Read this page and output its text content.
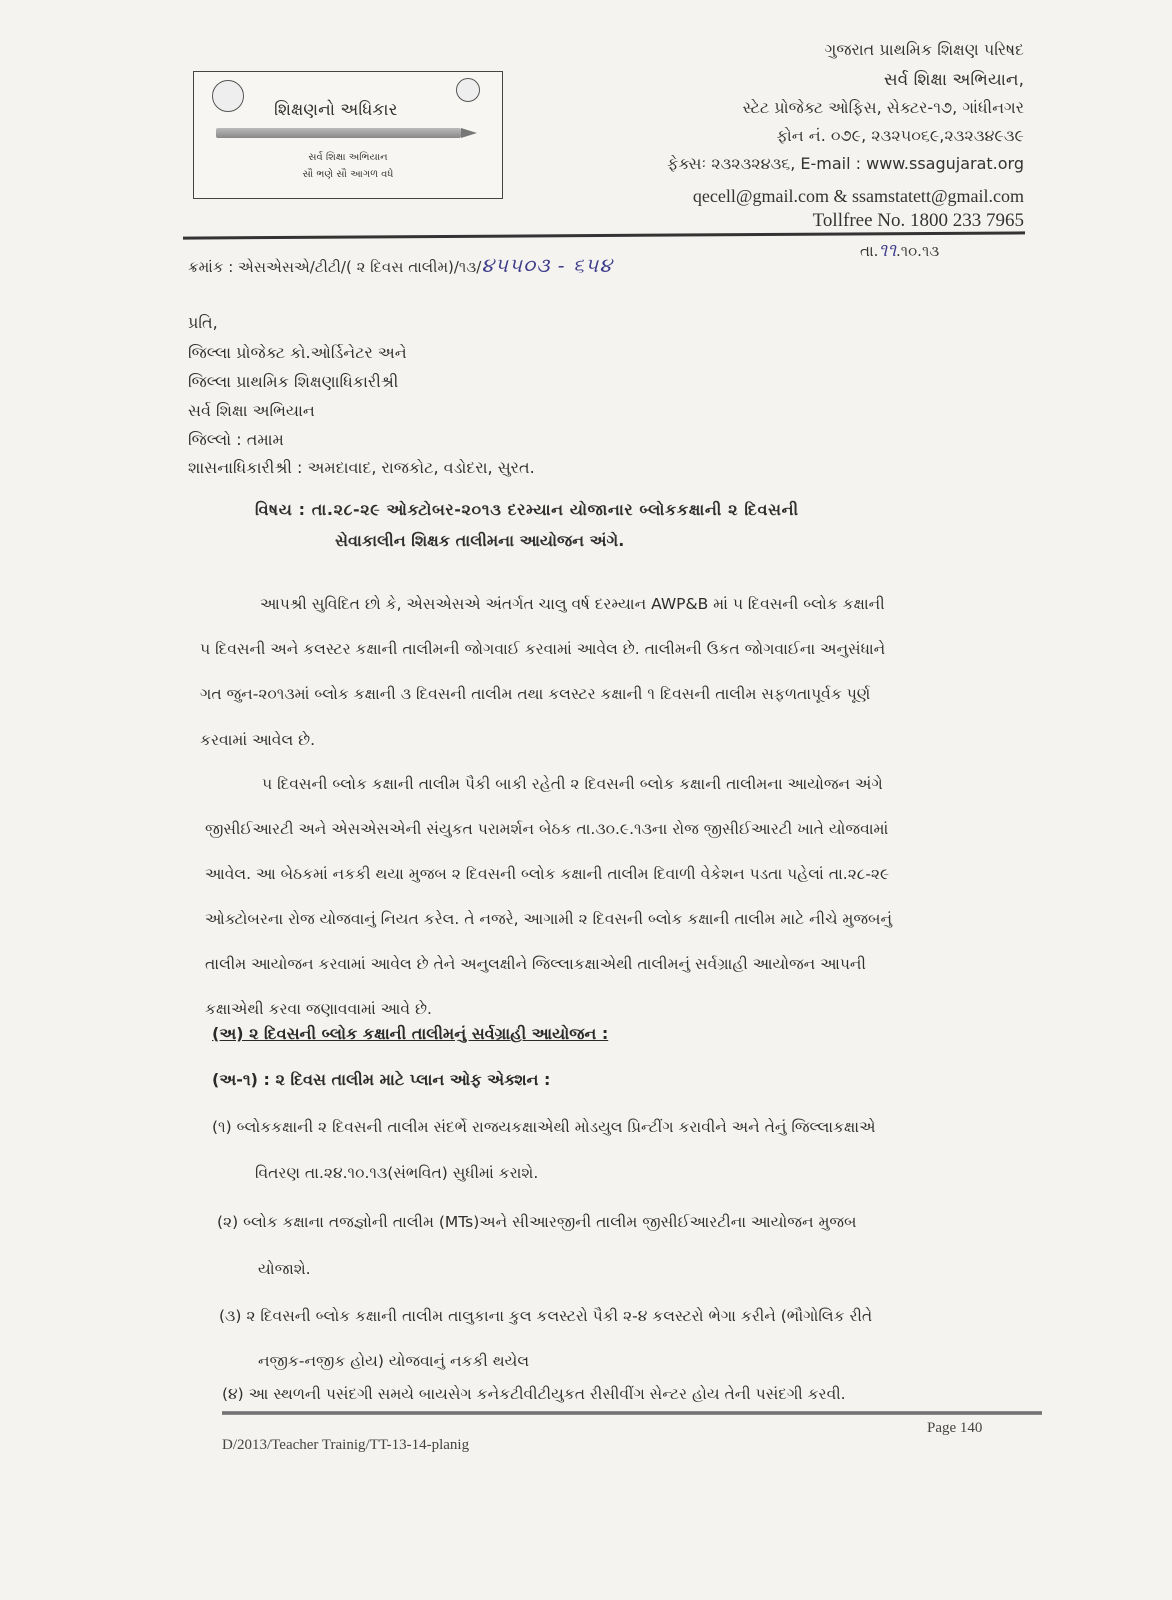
શિક્ષણનો અધિકાર
સર્વ શિક્ષા અભિયાન
સૌ ભણે સૌ આગળ વધે
ગુજરાત પ્રાથમિક શિક્ષણ પરિષદ
સર્વ શિક્ષા અભિયાન,
સ્ટેટ પ્રોજેક્ટ ઓફિસ, સેક્ટર-૧૭, ગાંધીનગર
ફોન નં. ૦૭૯, ૨૩૨૫૦૬૯,૨૩૨૩૪૯૩૯
ફેક્સઃ ૨૩૨૩૨૪૩૬, E-mail : www.ssagujarat.org
qecell@gmail.com & ssamstatett@gmail.com
Tollfree No. 1800 233 7965
ક્રમાંક : એસએસએ/ટીટી/( ૨ દિવસ તાલીમ)/૧૩/૪૫૫૦૩ - ૬૫૪
તા.૧૧.૧૦.૧૩
પ્રતિ,
જિલ્લા પ્રોજેક્ટ કો.ઓર્ડિનેટર અને
જિલ્લા પ્રાથમિક શિક્ષણાધિકારીશ્રી
સર્વ શિક્ષા અભિયાન
જિલ્લો : તમામ
શાસનાધિકારીશ્રી : અમદાવાદ, રાજકોટ, વડોદરા, સુરત.
વિષય : તા.૨૮-૨૯ ઓક્ટોબર-૨૦૧૩ દરમ્યાન યોજાનાર બ્લોકકક્ષાની ૨ દિવસની
સેવાકાલીન શિક્ષક તાલીમના આયોજન અંગે.
આપશ્રી સુવિદિત છો કે, એસએસએ અંતર્ગત ચાલુ વર્ષ દરમ્યાન AWP&B માં ૫ દિવસની બ્લોક કક્ષાની
૫ દિવસની અને કલસ્ટર કક્ષાની તાલીમની જોગવાઈ કરવામાં આવેલ છે. તાલીમની ઉકત જોગવાઈના અનુસંધાને
ગત જુન-૨૦૧૩માં બ્લોક કક્ષાની ૩ દિવસની તાલીમ તથા કલસ્ટર કક્ષાની ૧ દિવસની તાલીમ સફળતાપૂર્વક પૂર્ણ
કરવામાં આવેલ છે.
૫ દિવસની બ્લોક કક્ષાની તાલીમ પૈકી બાકી રહેતી ૨ દિવસની બ્લોક કક્ષાની તાલીમના આયોજન અંગે
જીસીઈઆરટી અને એસએસએની સંયુકત પરામર્શન બેઠક તા.૩૦.૯.૧૩ના રોજ જીસીઈઆરટી ખાતે યોજવામાં
આવેલ. આ બેઠકમાં નકકી થયા મુજબ ૨ દિવસની બ્લોક કક્ષાની તાલીમ દિવાળી વેકેશન પડતા પહેલાં તા.૨૮-૨૯
ઓક્ટોબરના રોજ યોજવાનું નિયત કરેલ. તે નજરે, આગામી ૨ દિવસની બ્લોક કક્ષાની તાલીમ માટે નીચે મુજબનું
તાલીમ આયોજન કરવામાં આવેલ છે તેને અનુલક્ષીને જિલ્લાકક્ષાએથી તાલીમનું સર્વગ્રાહી આયોજન આપની
કક્ષાએથી કરવા જણાવવામાં આવે છે.
(અ) ૨ દિવસની બ્લોક કક્ષાની તાલીમનું સર્વગ્રાહી આયોજન :
(અ-૧) : ૨ દિવસ તાલીમ માટે પ્લાન ઓફ એક્શન :
(૧) બ્લોકકક્ષાની ૨ દિવસની તાલીમ સંદર્ભે રાજયકક્ષાએથી મોડયુલ પ્રિન્ટીંગ કરાવીને અને તેનું જિલ્લાકક્ષાએ
વિતરણ તા.૨૪.૧૦.૧૩(સંભવિત) સુધીમાં કરાશે.
(૨) બ્લોક કક્ષાના તજજ્ઞોની તાલીમ (MTs)અને સીઆરજીની તાલીમ જીસીઈઆરટીના આયોજન મુજબ
યોજાશે.
(૩) ૨ દિવસની બ્લોક કક્ષાની તાલીમ તાલુકાના કુલ કલસ્ટરો પૈકી ૨-૪ કલસ્ટરો ભેગા કરીને (ભૌગોલિક રીતે
નજીક-નજીક હોય) યોજવાનું નકકી થયેલ
(૪) આ સ્થળની પસંદગી સમયે બાયસેગ કનેકટીવીટીયુકત રીસીવીંગ સેન્ટર હોય તેની પસંદગી કરવી.
D/2013/Teacher Trainig/TT-13-14-planig
Page 140
